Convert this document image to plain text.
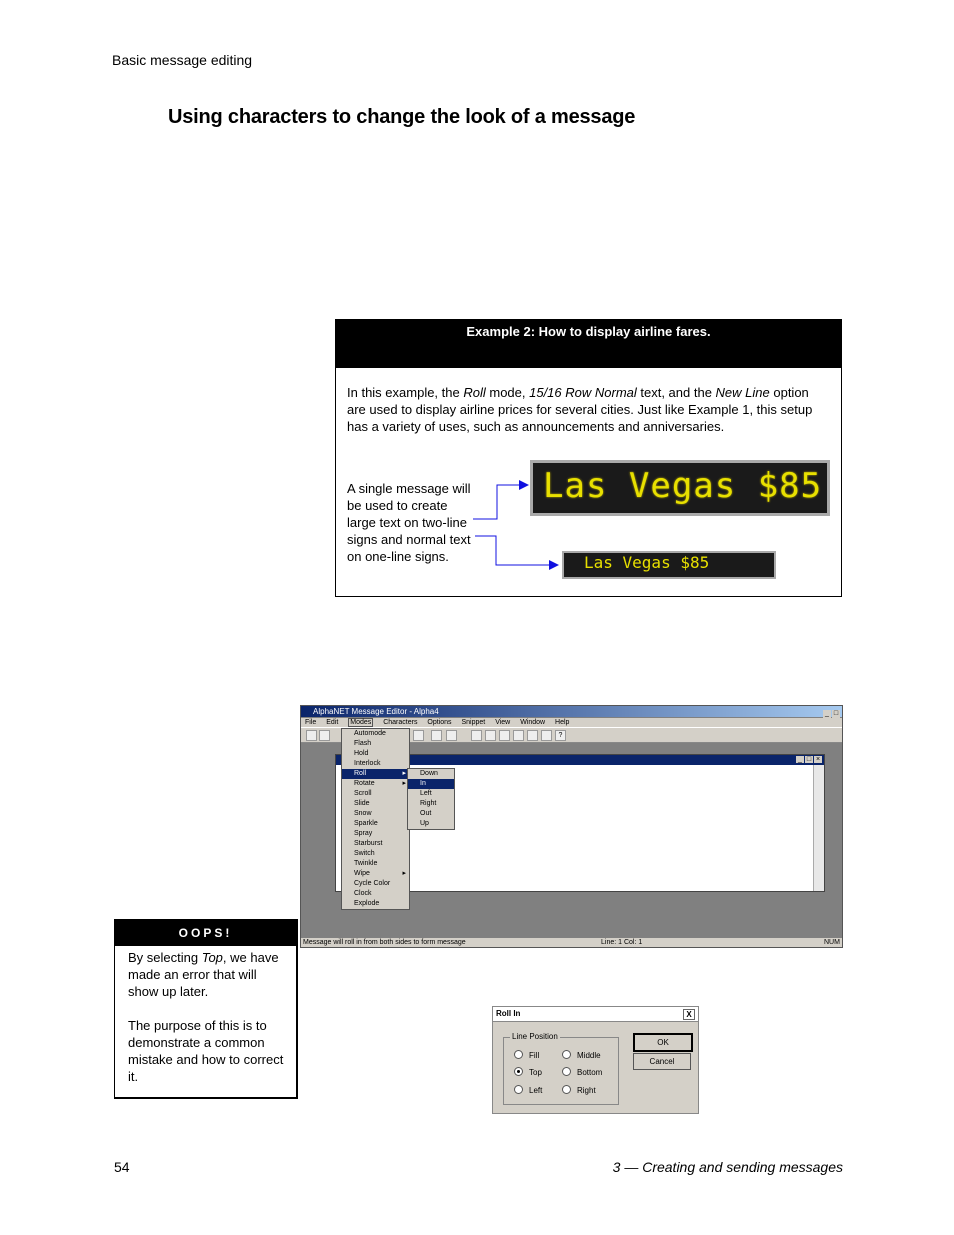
Basic message editing
Using characters to change the look of a message
Example 2: How to display airline fares.
In this example, the Roll mode, 15/16 Row Normal text, and the New Line option are used to display airline prices for several cities. Just like Example 1, this setup has a variety of uses, such as announcements and anniversaries.
A single message will be used to create large text on two-line signs and normal text on one-line signs.
Las Vegas $85
Las Vegas $85
AlphaNET Message Editor - Alpha4	_ □
File Edit Modes Characters Options Snippet View Window Help
?
_ □ ×
Automode
Flash
Hold
Interlock
Roll	▸
Rotate	▸
Scroll
Slide
Snow
Sparkle
Spray
Starburst
Switch
Twinkle
Wipe	▸
Cycle Color
Clock
Explode
Down
In
Left
Right
Out
Up
Message will roll in from both sides to form message	Line: 1 Col: 1	NUM
OOPS!
By selecting Top, we have made an error that will show up later.
The purpose of this is to demonstrate a common mistake and how to correct it.
Roll In	X
Line Position
Fill	Middle
Top	Bottom
Left	Right
OK
Cancel
54	3 — Creating and sending messages
